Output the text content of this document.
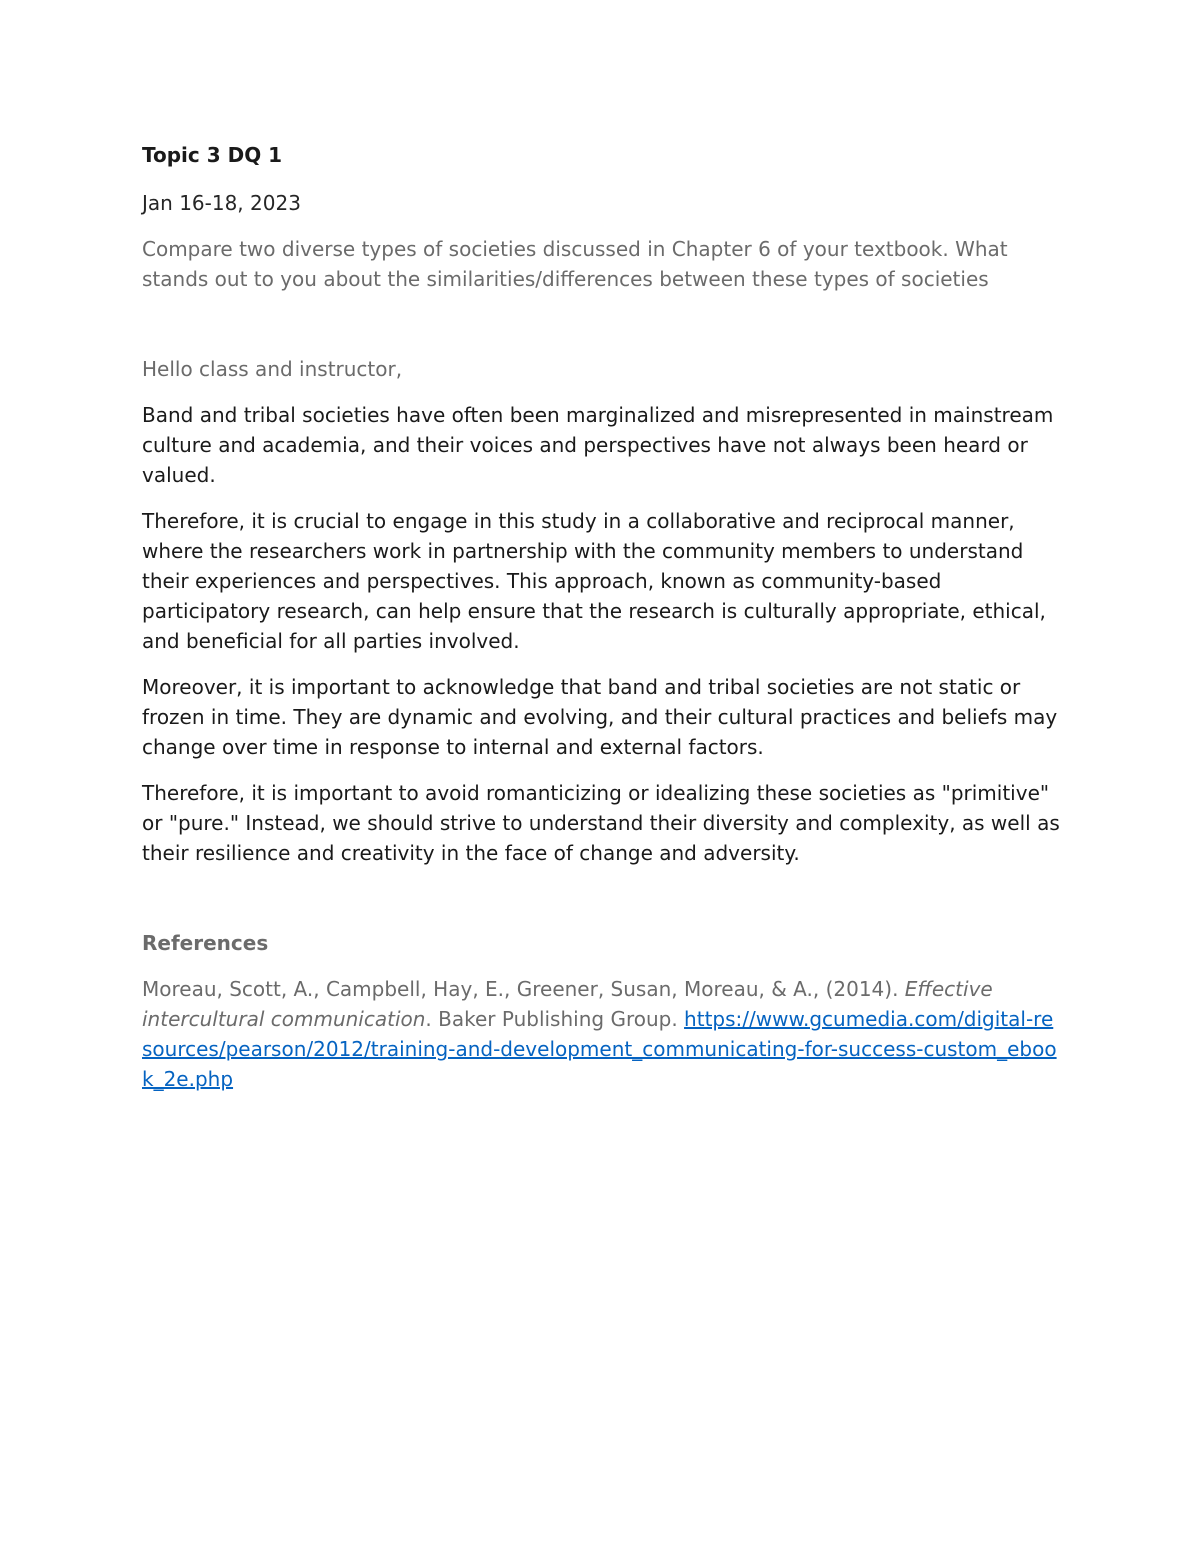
Topic 3 DQ 1

Jan 16-18, 2023

Compare two diverse types of societies discussed in Chapter 6 of your textbook. What stands out to you about the similarities/differences between these types of societies

Hello class and instructor,

Band and tribal societies have often been marginalized and misrepresented in mainstream culture and academia, and their voices and perspectives have not always been heard or valued.

Therefore, it is crucial to engage in this study in a collaborative and reciprocal manner, where the researchers work in partnership with the community members to understand their experiences and perspectives. This approach, known as community-based participatory research, can help ensure that the research is culturally appropriate, ethical, and beneficial for all parties involved.

Moreover, it is important to acknowledge that band and tribal societies are not static or frozen in time. They are dynamic and evolving, and their cultural practices and beliefs may change over time in response to internal and external factors.

Therefore, it is important to avoid romanticizing or idealizing these societies as "primitive" or "pure." Instead, we should strive to understand their diversity and complexity, as well as their resilience and creativity in the face of change and adversity.

References

Moreau, Scott, A., Campbell, Hay, E., Greener, Susan, Moreau, & A., (2014). Effective intercultural communication. Baker Publishing Group. https://www.gcumedia.com/digital-resources/pearson/2012/training-and-development_communicating-for-success-custom_ebook_2e.php
